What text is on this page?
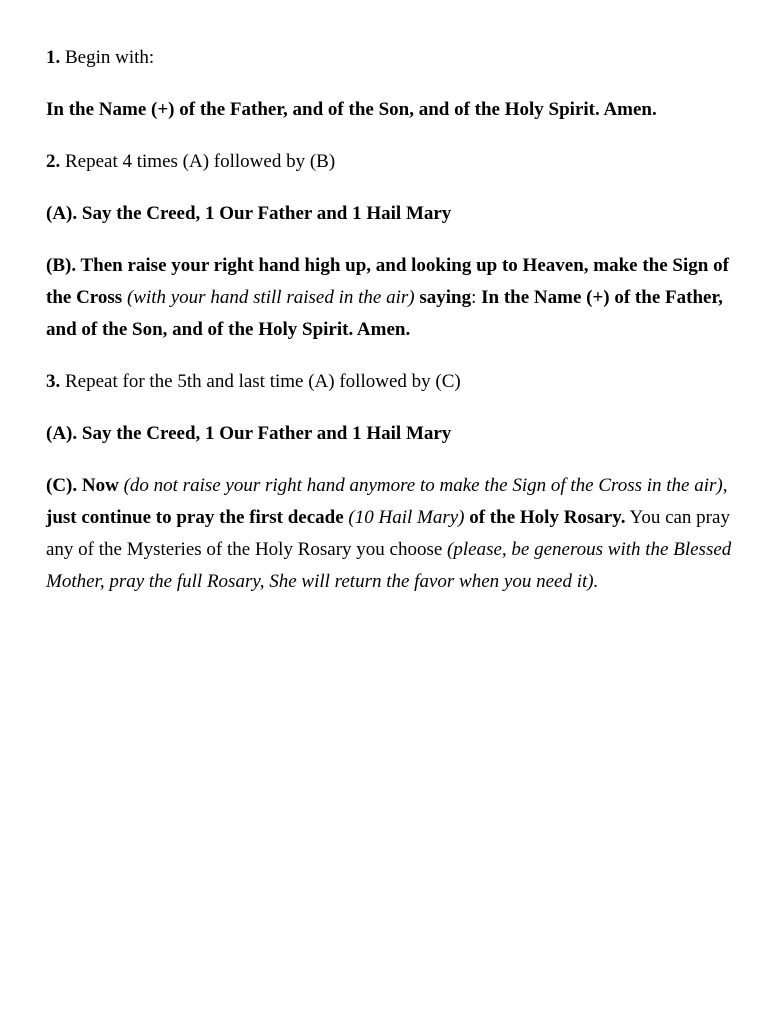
1. Begin with:

In the Name (+) of the Father, and of the Son, and of the Holy Spirit. Amen.

2. Repeat 4 times (A) followed by (B)

(A). Say the Creed, 1 Our Father and 1 Hail Mary

(B). Then raise your right hand high up, and looking up to Heaven, make the Sign of the Cross (with your hand still raised in the air) saying: In the Name (+) of the Father, and of the Son, and of the Holy Spirit. Amen.

3. Repeat for the 5th and last time (A) followed by (C)

(A). Say the Creed, 1 Our Father and 1 Hail Mary

(C). Now (do not raise your right hand anymore to make the Sign of the Cross in the air), just continue to pray the first decade (10 Hail Mary) of the Holy Rosary. You can pray any of the Mysteries of the Holy Rosary you choose (please, be generous with the Blessed Mother, pray the full Rosary, She will return the favor when you need it).
